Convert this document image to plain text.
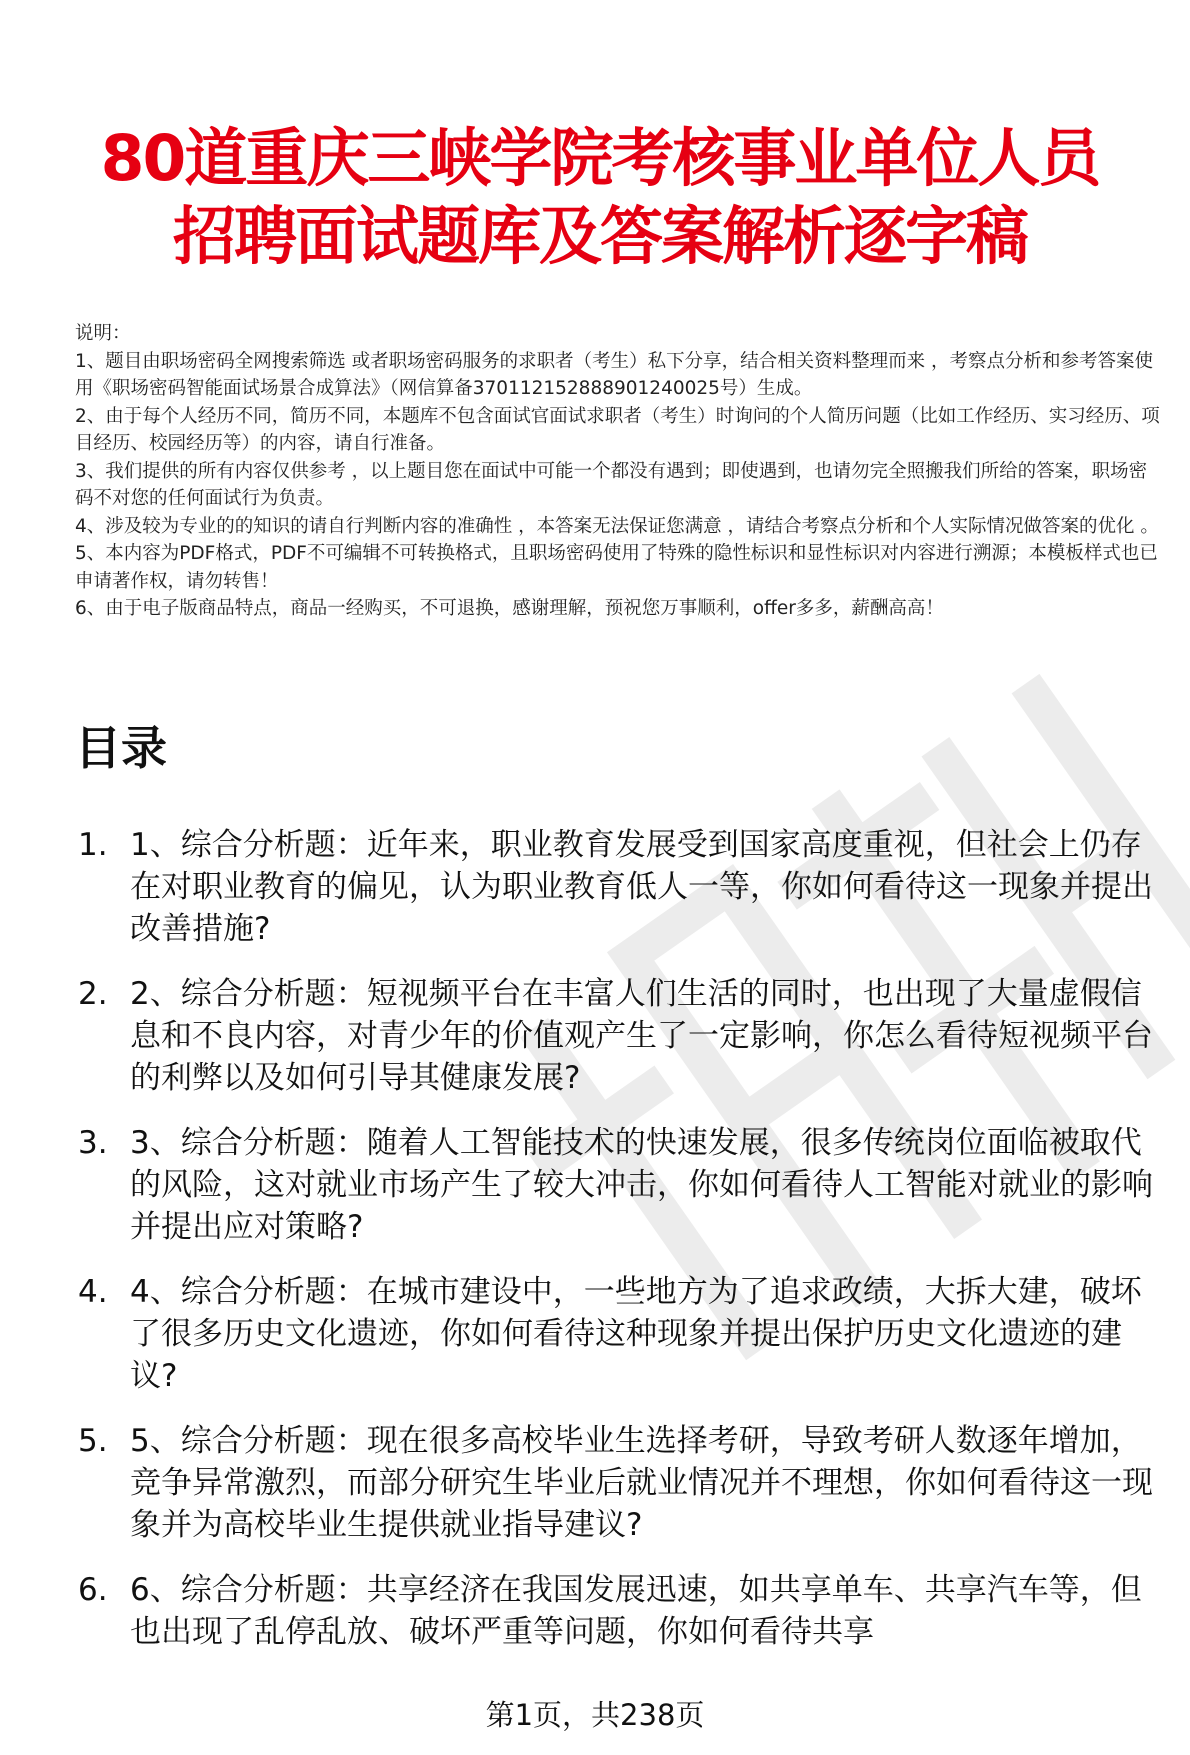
80道重庆三峡学院考核事业单位人员招聘面试题库及答案解析逐字稿

说明：

1、题目由职场密码全网搜索筛选 或者职场密码服务的求职者（考生）私下分享，结合相关资料整理而来 ，考察点分析和参考答案使用《职场密码智能面试场景合成算法》（网信算备370112152888901240025号）生成。

2、由于每个人经历不同，简历不同，本题库不包含面试官面试求职者（考生）时询问的个人简历问题（比如工作经历、实习经历、项目经历、校园经历等）的内容，请自行准备。

3、我们提供的所有内容仅供参考 ，以上题目您在面试中可能一个都没有遇到；即使遇到，也请勿完全照搬我们所给的答案，职场密码不对您的任何面试行为负责。

4、涉及较为专业的的知识的请自行判断内容的准确性 ，本答案无法保证您满意 ，请结合考察点分析和个人实际情况做答案的优化 。

5、本内容为PDF格式，PDF不可编辑不可转换格式，且职场密码使用了特殊的隐性标识和显性标识对内容进行溯源；本模板样式也已申请著作权，请勿转售！

6、由于电子版商品特点，商品一经购买，不可退换，感谢理解，预祝您万事顺利，offer多多，薪酬高高！

目录
1. 1、综合分析题：近年来，职业教育发展受到国家高度重视，但社会上仍存在对职业教育的偏见，认为职业教育低人一等，你如何看待这一现象并提出改善措施?
2. 2、综合分析题：短视频平台在丰富人们生活的同时，也出现了大量虚假信息和不良内容，对青少年的价值观产生了一定影响，你怎么看待短视频平台的利弊以及如何引导其健康发展?
3. 3、综合分析题：随着人工智能技术的快速发展，很多传统岗位面临被取代的风险，这对就业市场产生了较大冲击，你如何看待人工智能对就业的影响并提出应对策略?
4. 4、综合分析题：在城市建设中，一些地方为了追求政绩，大拆大建，破坏了很多历史文化遗迹，你如何看待这种现象并提出保护历史文化遗迹的建议?
5. 5、综合分析题：现在很多高校毕业生选择考研，导致考研人数逐年增加，竞争异常激烈，而部分研究生毕业后就业情况并不理想，你如何看待这一现象并为高校毕业生提供就业指导建议?
6. 6、综合分析题：共享经济在我国发展迅速，如共享单车、共享汽车等，但也出现了乱停乱放、破坏严重等问题，你如何看待共享
第1页，共238页
